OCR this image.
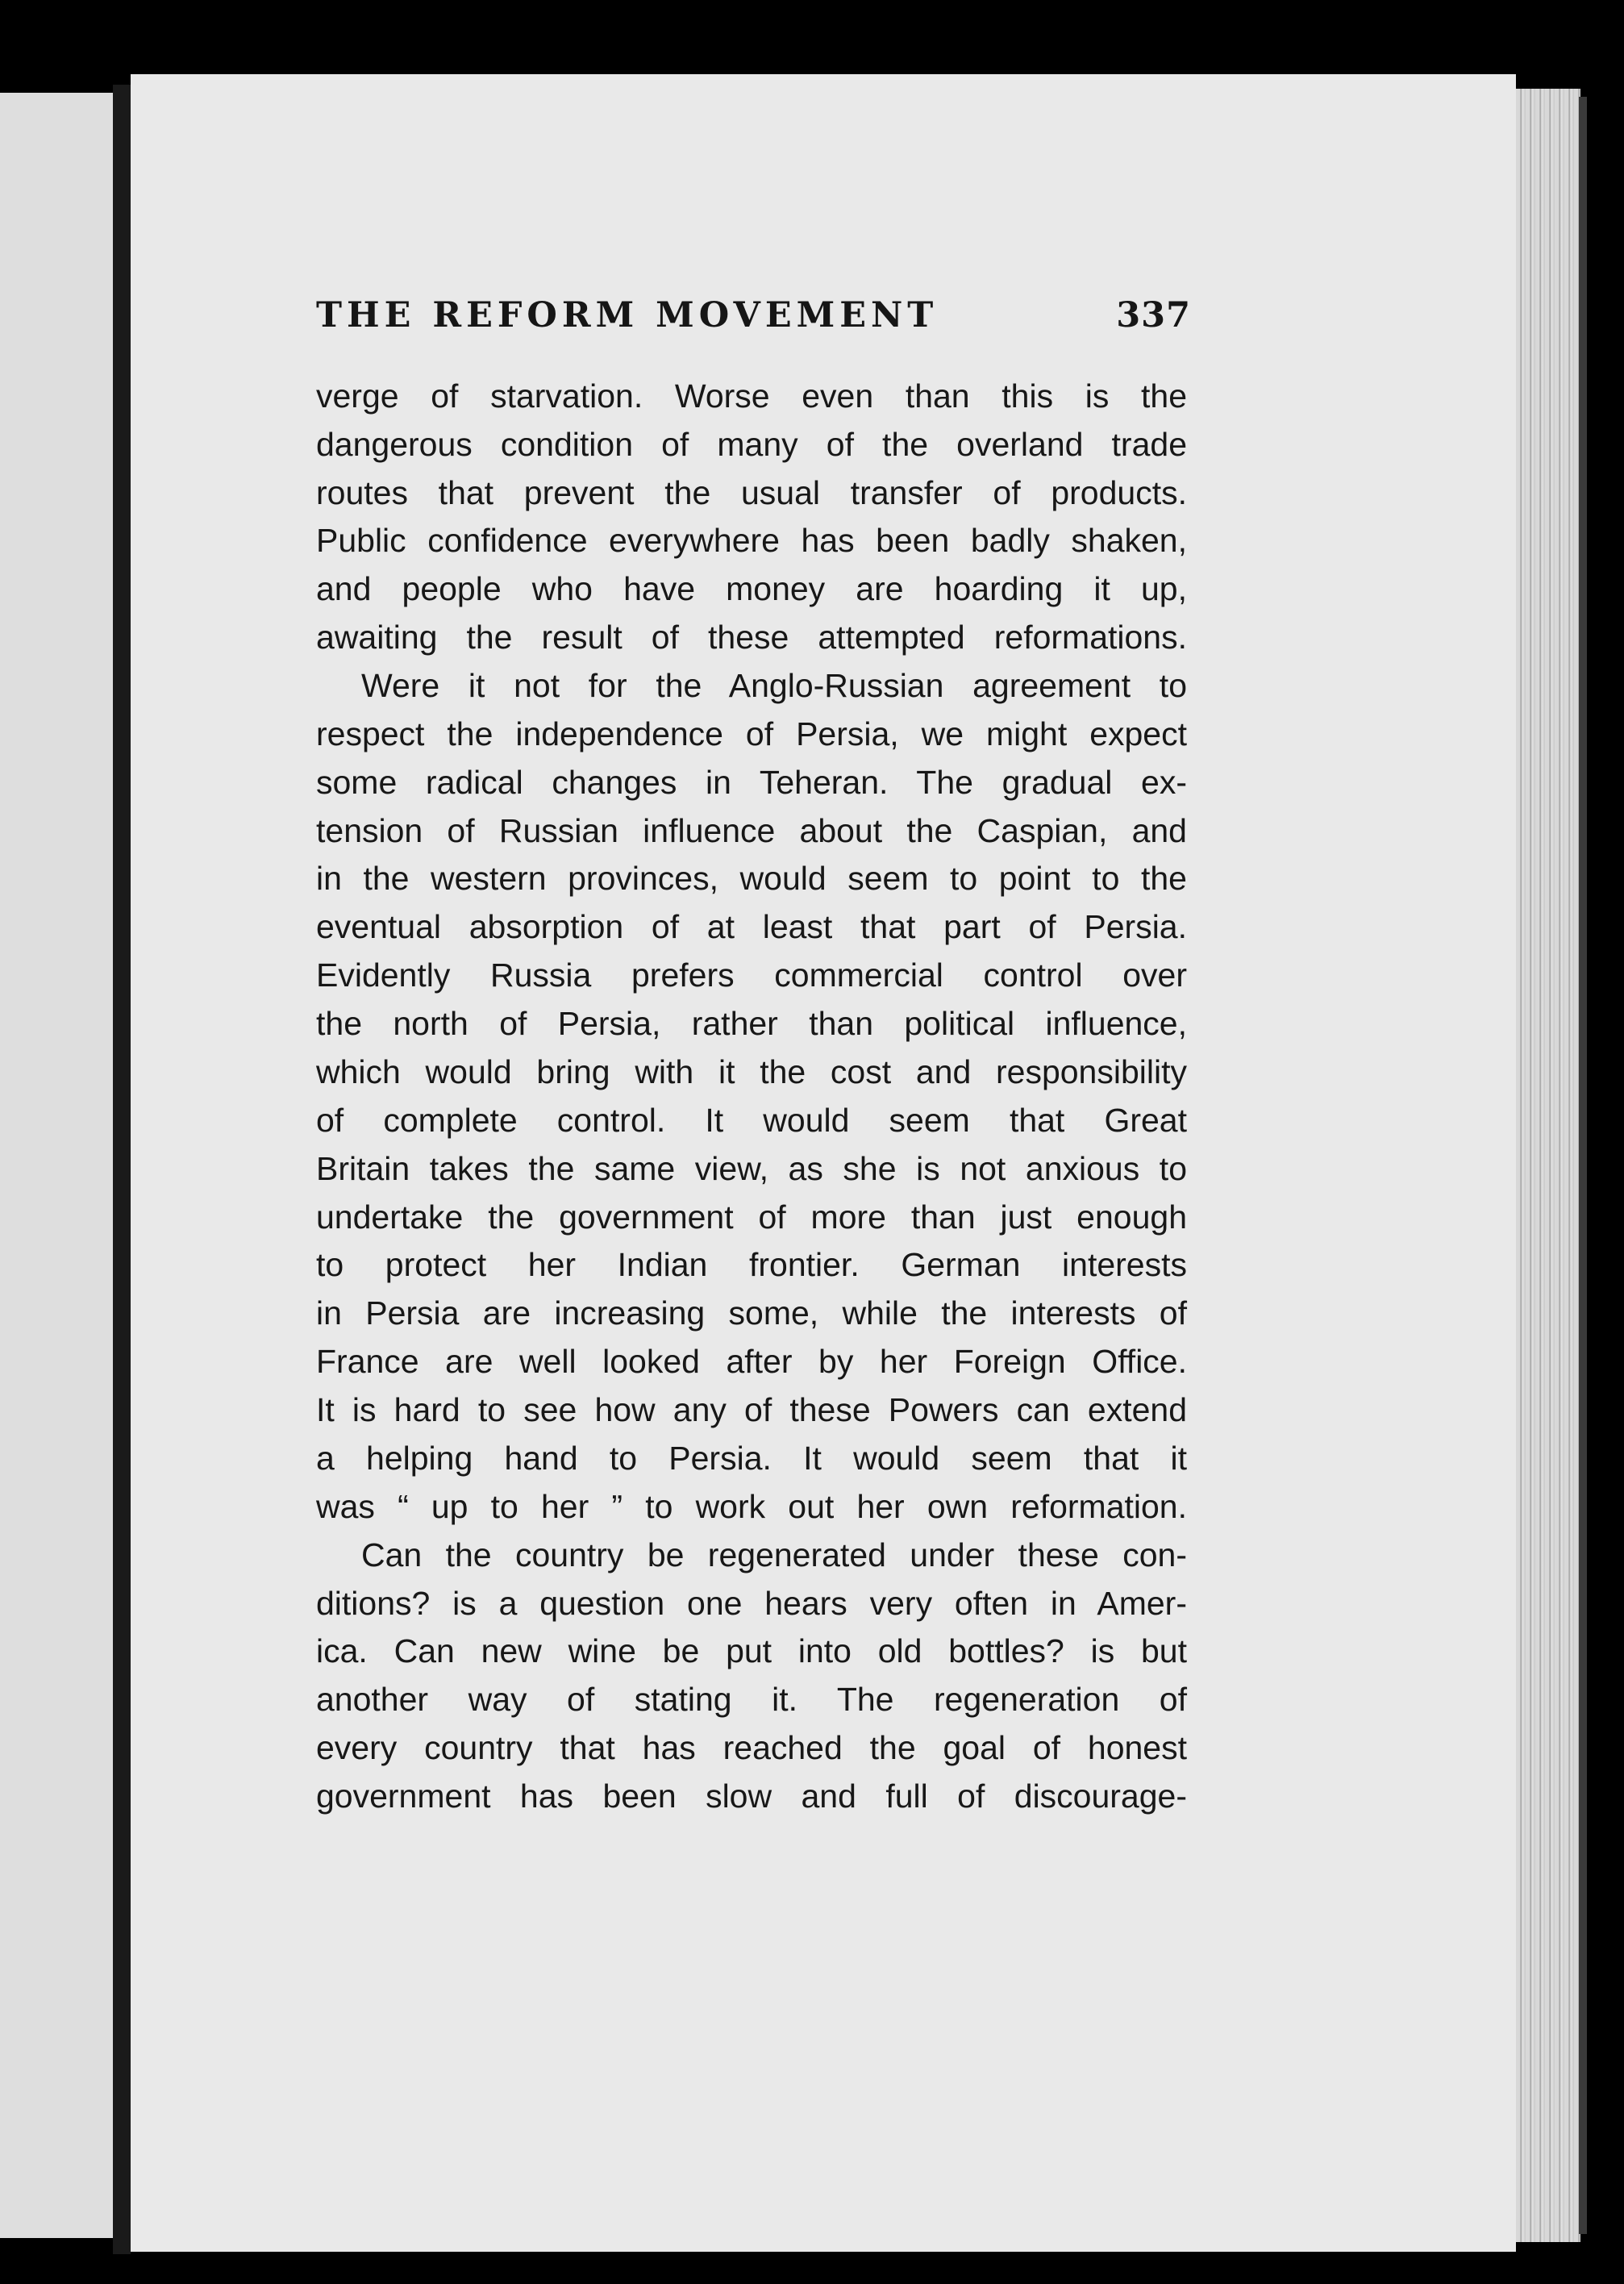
THE REFORM MOVEMENT	337
verge of starvation. Worse even than this is the
dangerous condition of many of the overland trade
routes that prevent the usual transfer of products.
Public confidence everywhere has been badly shaken,
and people who have money are hoarding it up,
awaiting the result of these attempted reformations.
Were it not for the Anglo-Russian agreement to
respect the independence of Persia, we might expect
some radical changes in Teheran. The gradual ex-
tension of Russian influence about the Caspian, and
in the western provinces, would seem to point to the
eventual absorption of at least that part of Persia.
Evidently Russia prefers commercial control over
the north of Persia, rather than political influence,
which would bring with it the cost and responsibility
of complete control. It would seem that Great
Britain takes the same view, as she is not anxious to
undertake the government of more than just enough
to protect her Indian frontier. German interests
in Persia are increasing some, while the interests of
France are well looked after by her Foreign Office.
It is hard to see how any of these Powers can extend
a helping hand to Persia. It would seem that it
was “ up to her ” to work out her own reformation.
Can the country be regenerated under these con-
ditions? is a question one hears very often in Amer-
ica. Can new wine be put into old bottles? is but
another way of stating it. The regeneration of
every country that has reached the goal of honest
government has been slow and full of discourage-
